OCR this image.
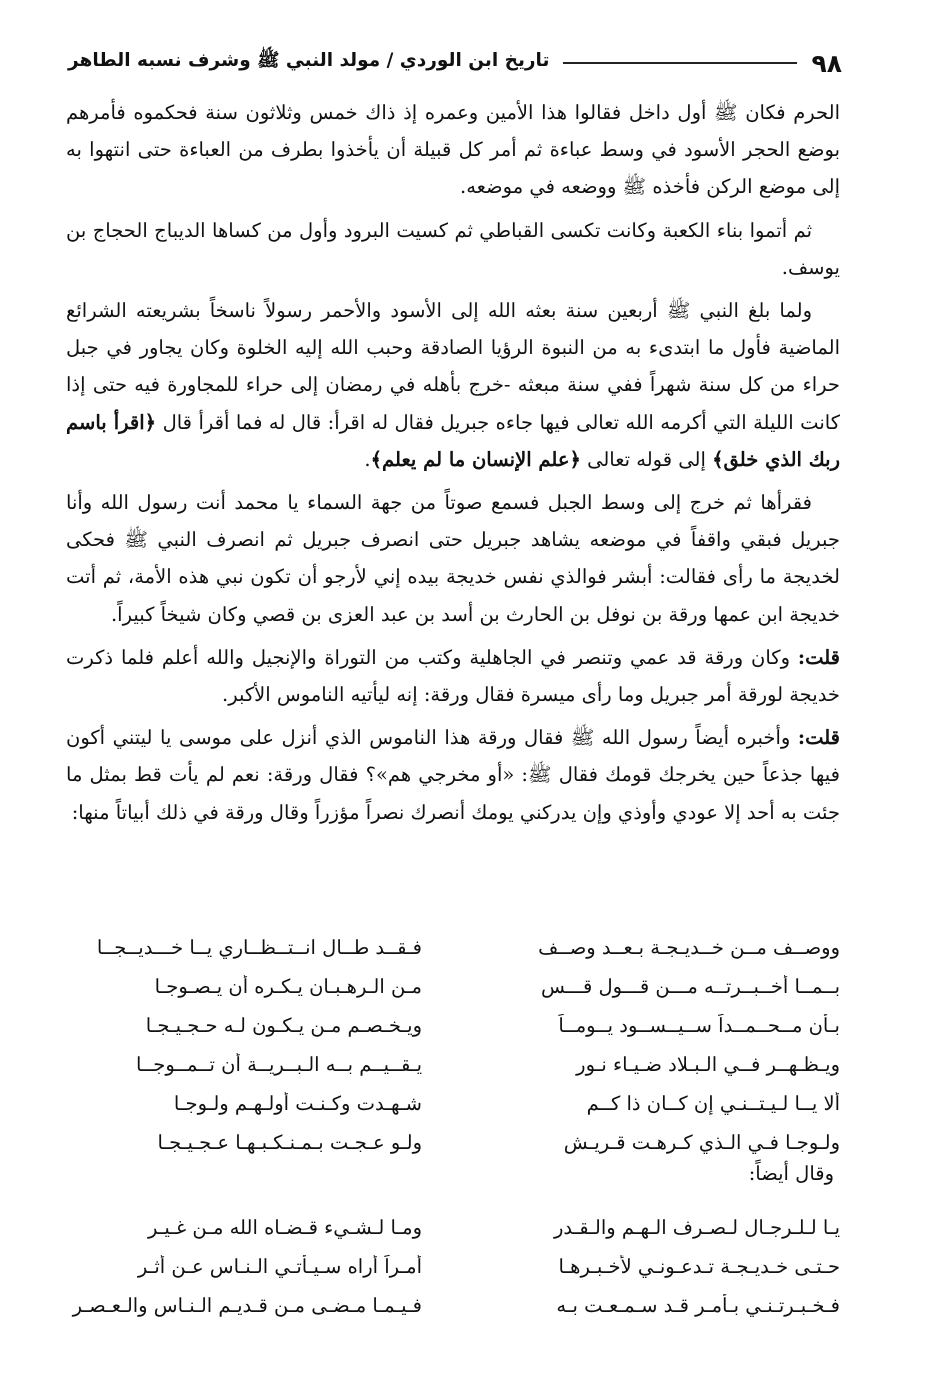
٩٨
تاريخ ابن الوردي / مولد النبي ﷺ وشرف نسبه الطاهر

الحرم فكان ﷺ أول داخل فقالوا هذا الأمين وعمره إذ ذاك خمس وثلاثون سنة فحكموه فأمرهم بوضع الحجر الأسود في وسط عباءة ثم أمر كل قبيلة أن يأخذوا بطرف من العباءة حتى انتهوا به إلى موضع الركن فأخذه ﷺ ووضعه في موضعه.

ثم أتموا بناء الكعبة وكانت تكسى القباطي ثم كسيت البرود وأول من كساها الديباج الحجاج بن يوسف.

ولما بلغ النبي ﷺ أربعين سنة بعثه الله إلى الأسود والأحمر رسولاً ناسخاً بشريعته الشرائع الماضية فأول ما ابتدىء به من النبوة الرؤيا الصادقة وحبب الله إليه الخلوة وكان يجاور في جبل حراء من كل سنة شهراً ففي سنة مبعثه -خرج بأهله في رمضان إلى حراء للمجاورة فيه حتى إذا كانت الليلة التي أكرمه الله تعالى فيها جاءه جبريل فقال له اقرأ: قال له فما أقرأ قال ﴿اقرأ باسم ربك الذي خلق﴾ إلى قوله تعالى ﴿علم الإنسان ما لم يعلم﴾.

فقرأها ثم خرج إلى وسط الجبل فسمع صوتاً من جهة السماء يا محمد أنت رسول الله وأنا جبريل فبقي واقفاً في موضعه يشاهد جبريل حتى انصرف جبريل ثم انصرف النبي ﷺ فحكى لخديجة ما رأى فقالت: أبشر فوالذي نفس خديجة بيده إني لأرجو أن تكون نبي هذه الأمة، ثم أتت خديجة ابن عمها ورقة بن نوفل بن الحارث بن أسد بن عبد العزى بن قصي وكان شيخاً كبيراً.

قلت: وكان ورقة قد عمي وتنصر في الجاهلية وكتب من التوراة والإنجيل والله أعلم فلما ذكرت خديجة لورقة أمر جبريل وما رأى ميسرة فقال ورقة: إنه ليأتيه الناموس الأكبر.

قلت: وأخبره أيضاً رسول الله ﷺ فقال ورقة هذا الناموس الذي أنزل على موسى يا ليتني أكون فيها جذعاً حين يخرجك قومك فقال ﷺ: «أو مخرجي هم»؟ فقال ورقة: نعم لم يأت قط بمثل ما جئت به أحد إلا عودي وأوذي وإن يدركني يومك أنصرك نصراً مؤزراً وقال ورقة في ذلك أبياتاً منها:

ووصــف مــن خــديـجـة بـعــد وصــف
فـقــد طــال انــتــظــاري يــا خـــديــجــا
بــمــا أخــبــرتــه مـــن قـــول قـــس
مـن الـرهـبـان يـكـره أن يـصـوجـا
بـأن مــحــمــداً ســيــســود يــومــاً
ويـخـصـم مـن يـكـون لـه حـجـيـجـا
ويـظـهــر فــي الـبـلاد ضـيـاء نـور
يـقــيــم بــه الـبــريــة أن تــمــوجــا
ألا يــا لـيـتــنـي إن كــان ذا كــم
شـهـدت وكـنـت أولـهـم ولـوجـا
ولـوجـا فـي الـذي كـرهـت قـريـش
ولـو عـجـت بـمـنـكـبـهـا عـجـيـجـا
وقال أيضاً:
يـا لـلـرجـال لـصـرف الـهـم والـقـدر
ومـا لـشـيء قـضـاه الله مـن غـيـر
حـتـى خـديـجـة تـدعـونـي لأخـبـرهـا
أمـراً أراه سـيـأتـي الـنـاس عـن أثـر
فـخـبـرتـنـي بـأمـر قـد سـمـعـت بـه
فـيـمـا مـضـى مـن قـديـم الـنـاس والـعـصـر
